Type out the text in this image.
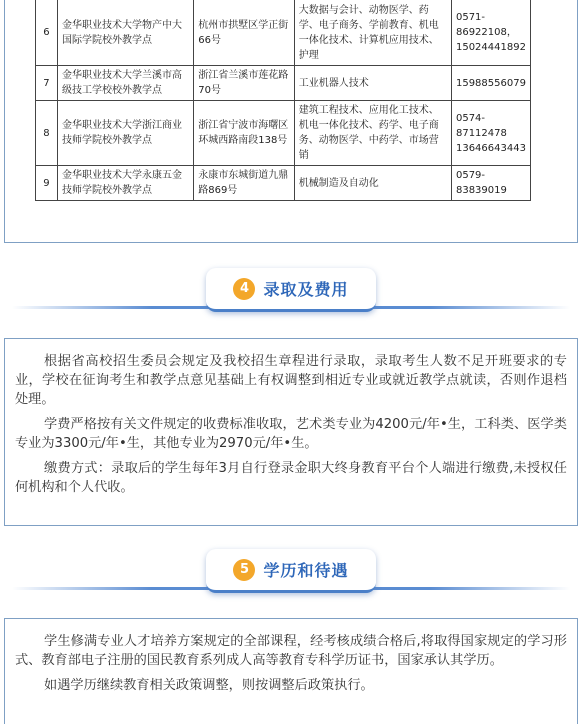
6	金华职业技术大学物产中大国际学院校外教学点	杭州市拱墅区学正街66号	大数据与会计、动物医学、药学、电子商务、学前教育、机电一体化技术、计算机应用技术、护理	0571-86922108，15024441892
7	金华职业技术大学兰溪市高级技工学校校外教学点	浙江省兰溪市莲花路70号	工业机器人技术	15988556079
8	金华职业技术大学浙江商业技师学院校外教学点	浙江省宁波市海曙区环城西路南段138号	建筑工程技术、应用化工技术、机电一体化技术、药学、电子商务、动物医学、中药学、市场营销	0574-87112478 13646643443
9	金华职业技术大学永康五金技师学院校外教学点	永康市东城街道九鼎路869号	机械制造及自动化	0579-83839019
4 录取及费用

根据省高校招生委员会规定及我校招生章程进行录取，录取考生人数不足开班要求的专业，学校在征询考生和教学点意见基础上有权调整到相近专业或就近教学点就读，否则作退档处理。

学费严格按有关文件规定的收费标准收取，艺术类专业为4200元/年•生，工科类、医学类专业为3300元/年•生，其他专业为2970元/年•生。

缴费方式：录取后的学生每年3月自行登录金职大终身教育平台个人端进行缴费,未授权任何机构和个人代收。

5 学历和待遇

学生修满专业人才培养方案规定的全部课程，经考核成绩合格后,将取得国家规定的学习形式、教育部电子注册的国民教育系列成人高等教育专科学历证书，国家承认其学历。

如遇学历继续教育相关政策调整，则按调整后政策执行。
